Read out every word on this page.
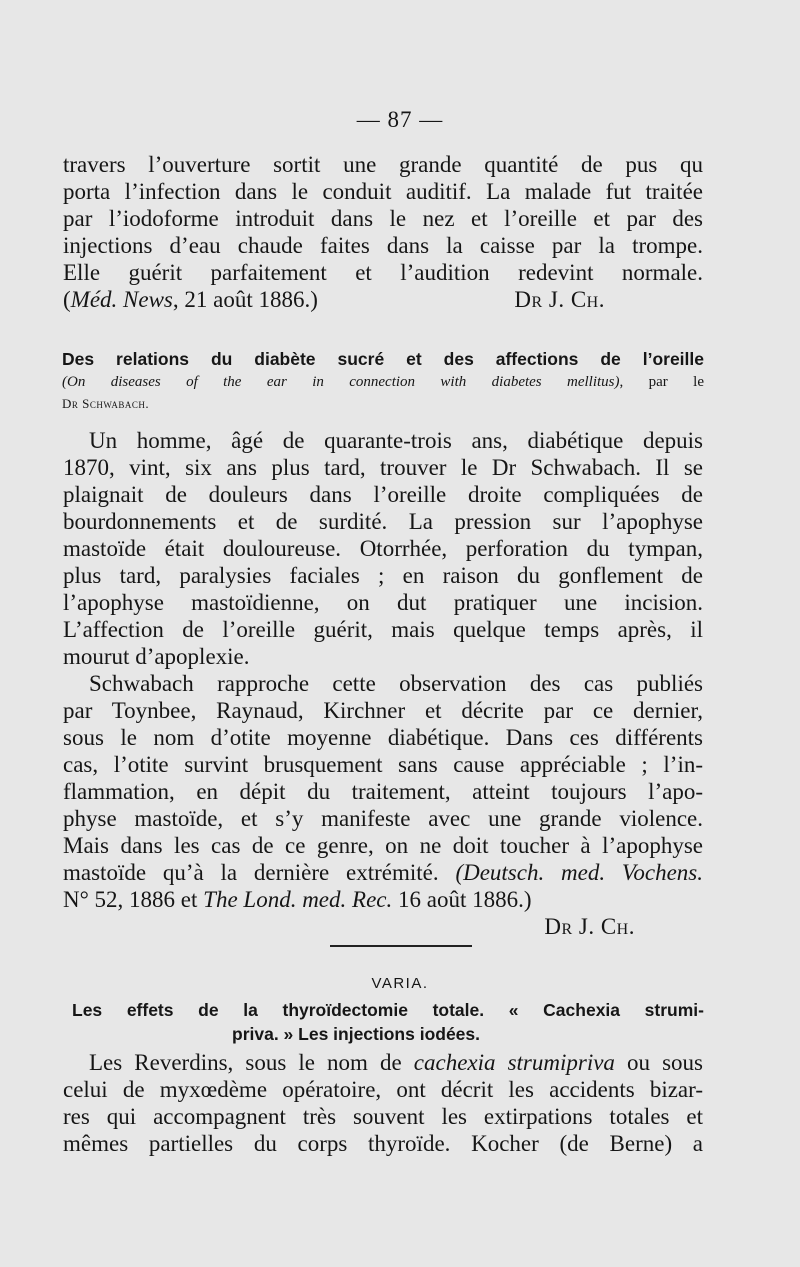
— 87 —
travers l’ouverture sortit une grande quantité de pus qu
porta l’infection dans le conduit auditif. La malade fut traitée
par l’iodoforme introduit dans le nez et l’oreille et par des
injections d’eau chaude faites dans la caisse par la trompe.
Elle guérit parfaitement et l’audition redevint normale.
(Méd. News, 21 août 1886.)	Dr J. Ch.
Des relations du diabète sucré et des affections de l’oreille
(On diseases of the ear in connection with diabetes mellitus), par le
Dr Schwabach.
Un homme, âgé de quarante-trois ans, diabétique depuis
1870, vint, six ans plus tard, trouver le Dr Schwabach. Il se
plaignait de douleurs dans l’oreille droite compliquées de
bourdonnements et de surdité. La pression sur l’apophyse
mastoïde était douloureuse. Otorrhée, perforation du tympan,
plus tard, paralysies faciales ; en raison du gonflement de
l’apophyse mastoïdienne, on dut pratiquer une incision.
L’affection de l’oreille guérit, mais quelque temps après, il
mourut d’apoplexie.
Schwabach rapproche cette observation des cas publiés
par Toynbee, Raynaud, Kirchner et décrite par ce dernier,
sous le nom d’otite moyenne diabétique. Dans ces différents
cas, l’otite survint brusquement sans cause appréciable ; l’in-
flammation, en dépit du traitement, atteint toujours l’apo-
physe mastoïde, et s’y manifeste avec une grande violence.
Mais dans les cas de ce genre, on ne doit toucher à l’apophyse
mastoïde qu’à la dernière extrémité. (Deutsch. med. Vochens.
N° 52, 1886 et The Lond. med. Rec. 16 août 1886.)
Dr J. Ch.
VARIA.
Les effets de la thyroïdectomie totale. « Cachexia strumi-
priva. » Les injections iodées.
Les Reverdins, sous le nom de cachexia strumipriva ou sous
celui de myxœdème opératoire, ont décrit les accidents bizar-
res qui accompagnent très souvent les extirpations totales et
mêmes partielles du corps thyroïde. Kocher (de Berne) a
